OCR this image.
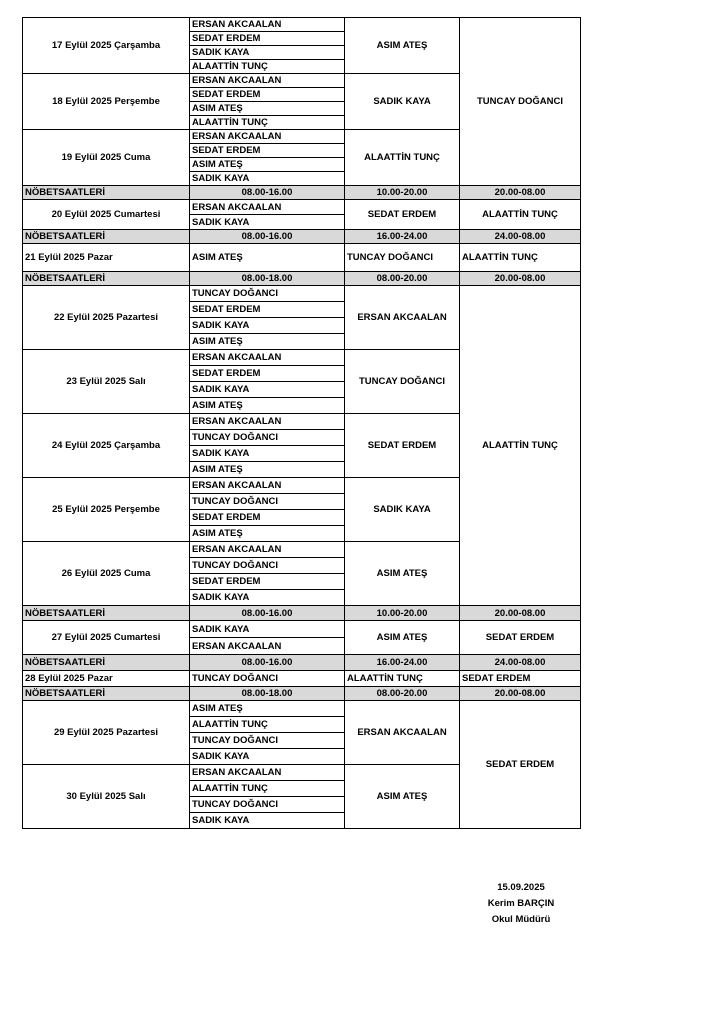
17 Eylül 2025 Çarşamba	ERSAN AKCAALAN	ASIM ATEŞ	TUNCAY DOĞANCI
	SEDAT ERDEM		
	SADIK KAYA		
	ALAATTİN TUNÇ		
18 Eylül 2025 Perşembe	ERSAN AKCAALAN	SADIK KAYA	
	SEDAT ERDEM		
	ASIM ATEŞ		
	ALAATTİN TUNÇ		
19 Eylül 2025 Cuma	ERSAN AKCAALAN	ALAATTİN TUNÇ	
	SEDAT ERDEM		
	ASIM ATEŞ		
	SADIK KAYA		
NÖBETSAATLERİ	08.00-16.00	10.00-20.00	20.00-08.00
20 Eylül 2025 Cumartesi	ERSAN AKCAALAN	SEDAT ERDEM	ALAATTİN TUNÇ
	SADIK KAYA		
NÖBETSAATLERİ	08.00-16.00	16.00-24.00	24.00-08.00
21 Eylül 2025 Pazar	ASIM ATEŞ	TUNCAY DOĞANCI	ALAATTİN TUNÇ
NÖBETSAATLERİ	08.00-18.00	08.00-20.00	20.00-08.00
22 Eylül 2025 Pazartesi	TUNCAY DOĞANCI	ERSAN AKCAALAN	ALAATTİN TUNÇ
	SEDAT ERDEM		
	SADIK KAYA		
	ASIM ATEŞ		
23 Eylül 2025 Salı	ERSAN AKCAALAN	TUNCAY DOĞANCI	
	SEDAT ERDEM		
	SADIK KAYA		
	ASIM ATEŞ		
24 Eylül 2025 Çarşamba	ERSAN AKCAALAN	SEDAT ERDEM	
	TUNCAY DOĞANCI		
	SADIK KAYA		
	ASIM ATEŞ		
25 Eylül 2025 Perşembe	ERSAN AKCAALAN	SADIK KAYA	
	TUNCAY DOĞANCI		
	SEDAT ERDEM		
	ASIM ATEŞ		
26 Eylül 2025 Cuma	ERSAN AKCAALAN	ASIM ATEŞ	
	TUNCAY DOĞANCI		
	SEDAT ERDEM		
	SADIK KAYA		
NÖBETSAATLERİ	08.00-16.00	10.00-20.00	20.00-08.00
27 Eylül 2025 Cumartesi	SADIK KAYA	ASIM ATEŞ	SEDAT ERDEM
	ERSAN AKCAALAN		
NÖBETSAATLERİ	08.00-16.00	16.00-24.00	24.00-08.00
28 Eylül 2025 Pazar	TUNCAY DOĞANCI	ALAATTİN TUNÇ	SEDAT ERDEM
NÖBETSAATLERİ	08.00-18.00	08.00-20.00	20.00-08.00
29 Eylül 2025 Pazartesi	ASIM ATEŞ	ERSAN AKCAALAN	SEDAT ERDEM
	ALAATTİN TUNÇ		
	TUNCAY DOĞANCI		
	SADIK KAYA		
30 Eylül 2025 Salı	ERSAN AKCAALAN	ASIM ATEŞ	
	ALAATTİN TUNÇ		
	TUNCAY DOĞANCI		
	SADIK KAYA		
15.09.2025
Kerim BARÇIN
Okul Müdürü
